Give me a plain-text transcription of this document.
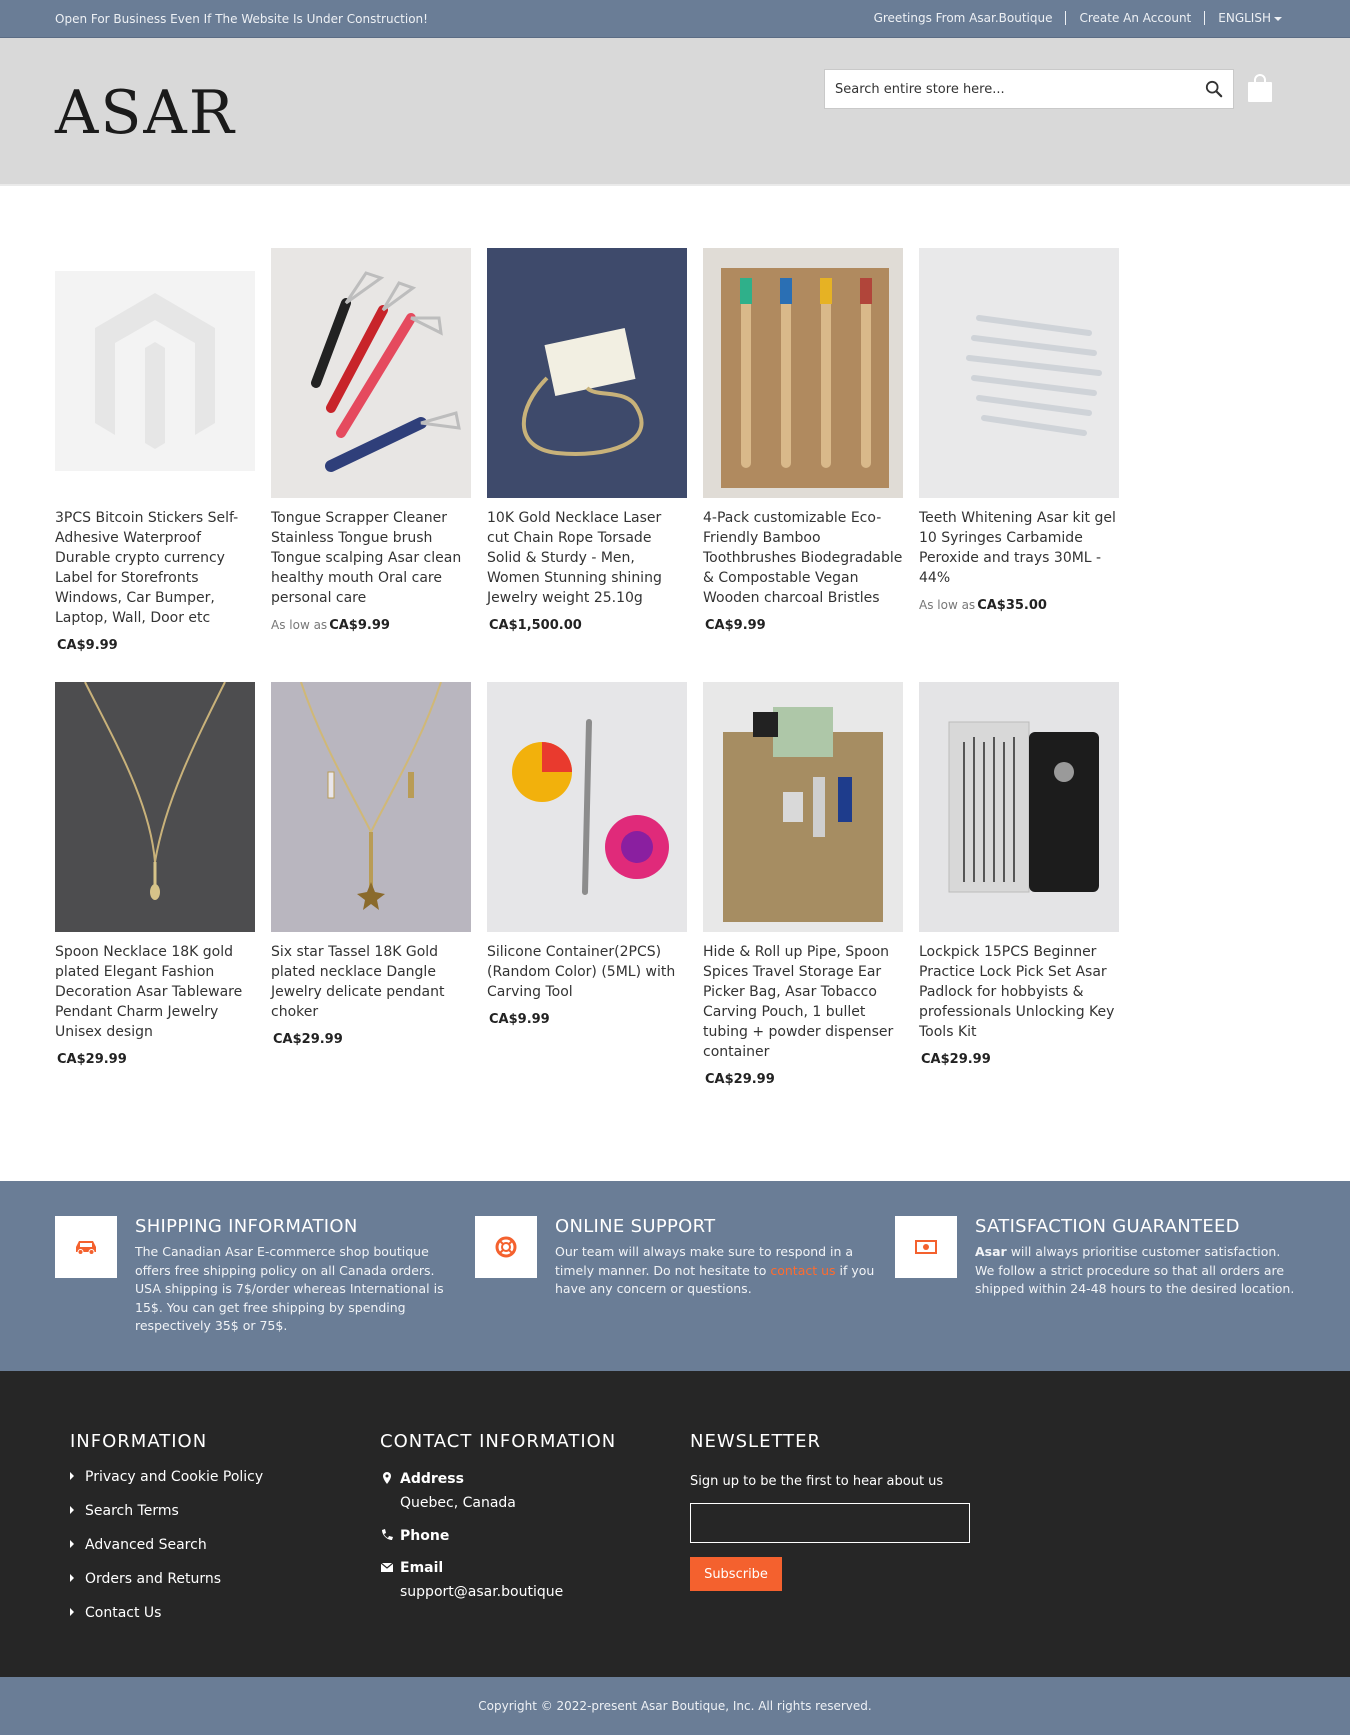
Open For Business Even If The Website Is Under Construction!	Greetings From Asar.Boutique	Create An Account	ENGLISH
ASAR
Search entire store here...
3PCS Bitcoin Stickers Self-Adhesive Waterproof Durable crypto currency Label for Storefronts Windows, Car Bumper, Laptop, Wall, Door etc
CA$9.99
Tongue Scrapper Cleaner Stainless Tongue brush Tongue scalping Asar clean healthy mouth Oral care personal care
As low as CA$9.99
10K Gold Necklace Laser cut Chain Rope Torsade Solid & Sturdy - Men, Women Stunning shining Jewelry weight 25.10g
CA$1,500.00
4-Pack customizable Eco-Friendly Bamboo Toothbrushes Biodegradable & Compostable Vegan Wooden charcoal Bristles
CA$9.99
Teeth Whitening Asar kit gel 10 Syringes Carbamide Peroxide and trays 30ML - 44%
As low as CA$35.00
Spoon Necklace 18K gold plated Elegant Fashion Decoration Asar Tableware Pendant Charm Jewelry Unisex design
CA$29.99
Six star Tassel 18K Gold plated necklace Dangle Jewelry delicate pendant choker
CA$29.99
Silicone Container(2PCS) (Random Color) (5ML) with Carving Tool
CA$9.99
Hide & Roll up Pipe, Spoon Spices Travel Storage Ear Picker Bag, Asar Tobacco Carving Pouch, 1 bullet tubing + powder dispenser container
CA$29.99
Lockpick 15PCS Beginner Practice Lock Pick Set Asar Padlock for hobbyists & professionals Unlocking Key Tools Kit
CA$29.99
SHIPPING INFORMATION

The Canadian Asar E-commerce shop boutique offers free shipping policy on all Canada orders. USA shipping is 7$/order whereas International is 15$. You can get free shipping by spending respectively 35$ or 75$.

ONLINE SUPPORT

Our team will always make sure to respond in a timely manner. Do not hesitate to contact us if you have any concern or questions.

SATISFACTION GUARANTEED

Asar will always prioritise customer satisfaction. We follow a strict procedure so that all orders are shipped within 24-48 hours to the desired location.

INFORMATION
Privacy and Cookie Policy
Search Terms
Advanced Search
Orders and Returns
Contact Us
CONTACT INFORMATION
Address
Quebec, Canada
Phone
Email
support@asar.boutique
NEWSLETTER
Sign up to be the first to hear about us
Subscribe
Copyright © 2022-present Asar Boutique, Inc. All rights reserved.
